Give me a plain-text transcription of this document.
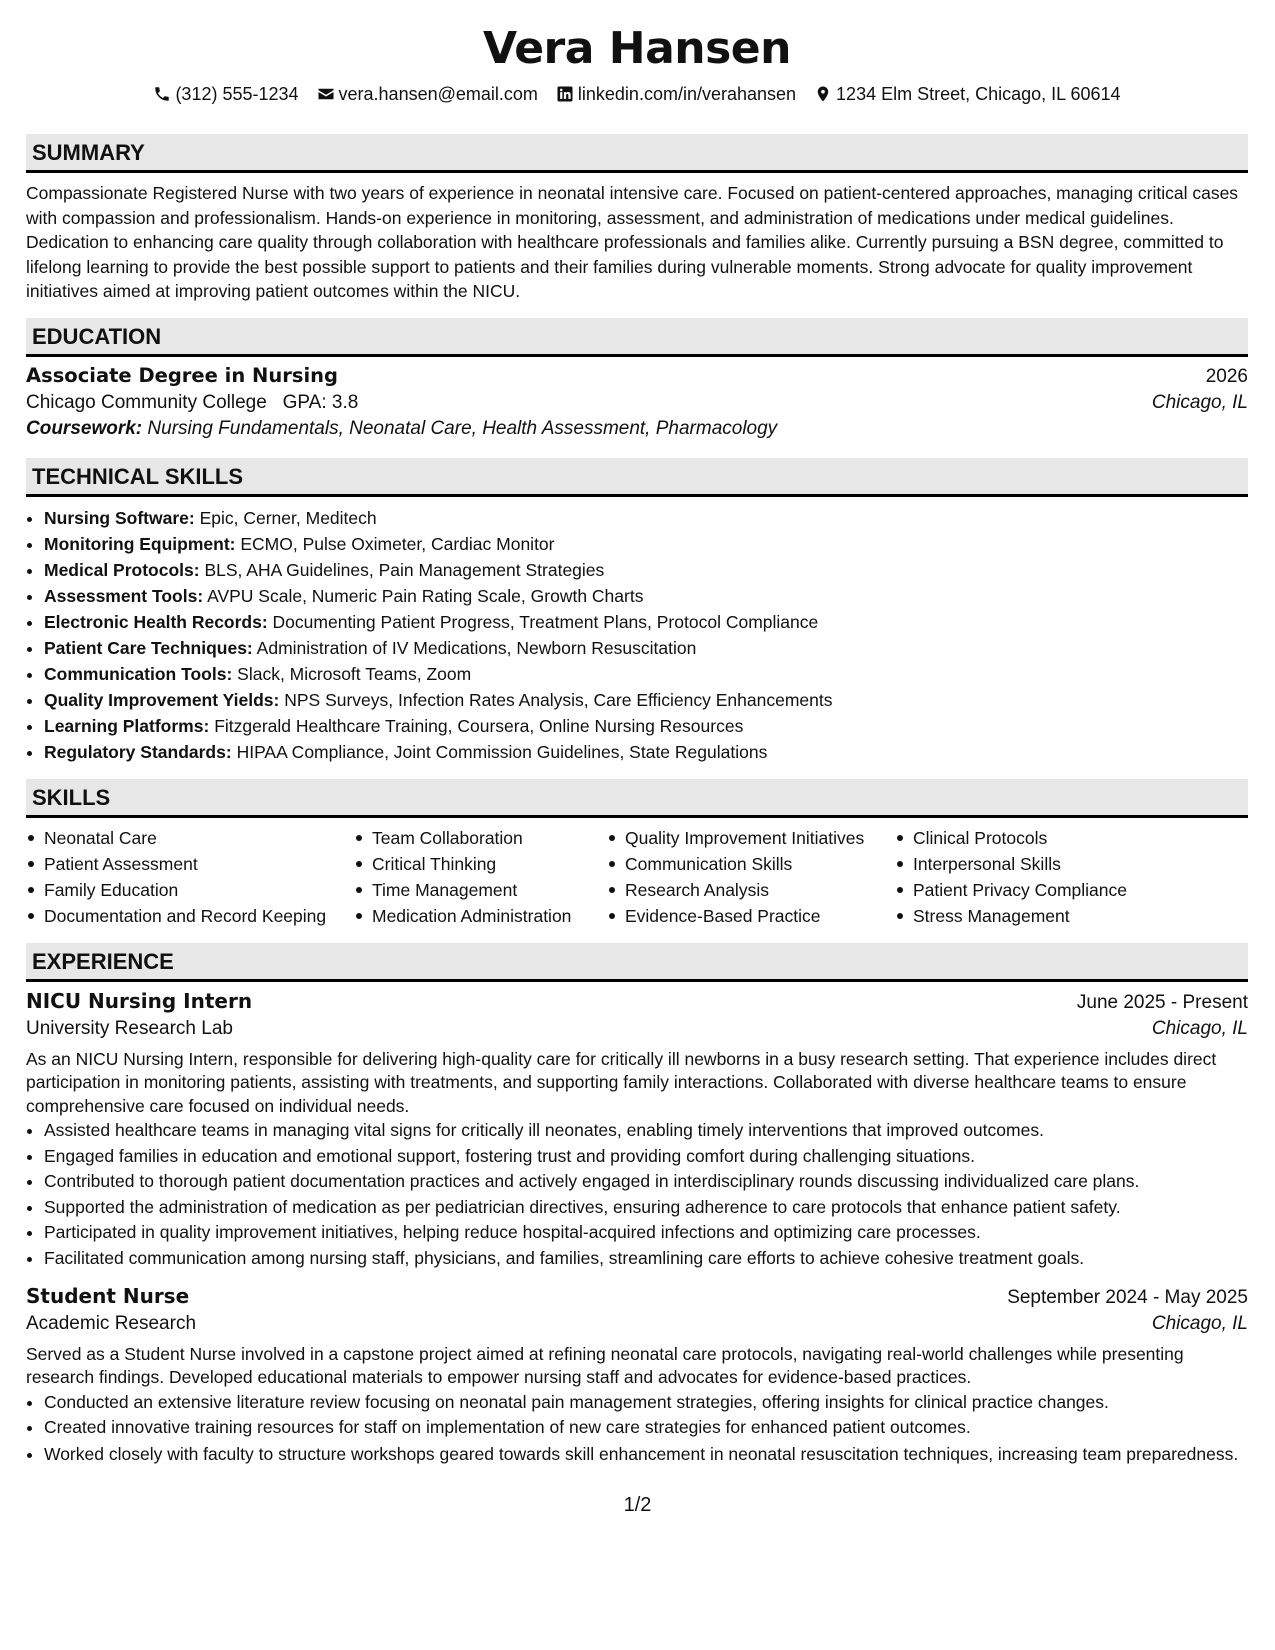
Vera Hansen
(312) 555-1234 vera.hansen@email.com linkedin.com/in/verahansen 1234 Elm Street, Chicago, IL 60614
SUMMARY

Compassionate Registered Nurse with two years of experience in neonatal intensive care. Focused on patient-centered approaches, managing critical cases with compassion and professionalism. Hands-on experience in monitoring, assessment, and administration of medications under medical guidelines. Dedication to enhancing care quality through collaboration with healthcare professionals and families alike. Currently pursuing a BSN degree, committed to lifelong learning to provide the best possible support to patients and their families during vulnerable moments. Strong advocate for quality improvement initiatives aimed at improving patient outcomes within the NICU.

EDUCATION
Associate Degree in Nursing	2026
Chicago Community College GPA: 3.8	Chicago, IL
Coursework: Nursing Fundamentals, Neonatal Care, Health Assessment, Pharmacology
TECHNICAL SKILLS
• Nursing Software: Epic, Cerner, Meditech
• Monitoring Equipment: ECMO, Pulse Oximeter, Cardiac Monitor
• Medical Protocols: BLS, AHA Guidelines, Pain Management Strategies
• Assessment Tools: AVPU Scale, Numeric Pain Rating Scale, Growth Charts
• Electronic Health Records: Documenting Patient Progress, Treatment Plans, Protocol Compliance
• Patient Care Techniques: Administration of IV Medications, Newborn Resuscitation
• Communication Tools: Slack, Microsoft Teams, Zoom
• Quality Improvement Yields: NPS Surveys, Infection Rates Analysis, Care Efficiency Enhancements
• Learning Platforms: Fitzgerald Healthcare Training, Coursera, Online Nursing Resources
• Regulatory Standards: HIPAA Compliance, Joint Commission Guidelines, State Regulations
SKILLS
Neonatal Care
Patient Assessment
Family Education
Documentation and Record Keeping
Team Collaboration
Critical Thinking
Time Management
Medication Administration
Quality Improvement Initiatives
Communication Skills
Research Analysis
Evidence-Based Practice
Clinical Protocols
Interpersonal Skills
Patient Privacy Compliance
Stress Management
EXPERIENCE
NICU Nursing Intern	June 2025 - Present
University Research Lab	Chicago, IL

As an NICU Nursing Intern, responsible for delivering high-quality care for critically ill newborns in a busy research setting. That experience includes direct participation in monitoring patients, assisting with treatments, and supporting family interactions. Collaborated with diverse healthcare teams to ensure comprehensive care focused on individual needs.

• Assisted healthcare teams in managing vital signs for critically ill neonates, enabling timely interventions that improved outcomes.
• Engaged families in education and emotional support, fostering trust and providing comfort during challenging situations.
• Contributed to thorough patient documentation practices and actively engaged in interdisciplinary rounds discussing individualized care plans.
• Supported the administration of medication as per pediatrician directives, ensuring adherence to care protocols that enhance patient safety.
• Participated in quality improvement initiatives, helping reduce hospital-acquired infections and optimizing care processes.
• Facilitated communication among nursing staff, physicians, and families, streamlining care efforts to achieve cohesive treatment goals.
Student Nurse	September 2024 - May 2025
Academic Research	Chicago, IL

Served as a Student Nurse involved in a capstone project aimed at refining neonatal care protocols, navigating real-world challenges while presenting research findings. Developed educational materials to empower nursing staff and advocates for evidence-based practices.

• Conducted an extensive literature review focusing on neonatal pain management strategies, offering insights for clinical practice changes.
• Created innovative training resources for staff on implementation of new care strategies for enhanced patient outcomes.
• Worked closely with faculty to structure workshops geared towards skill enhancement in neonatal resuscitation techniques, increasing team preparedness.
1/2
